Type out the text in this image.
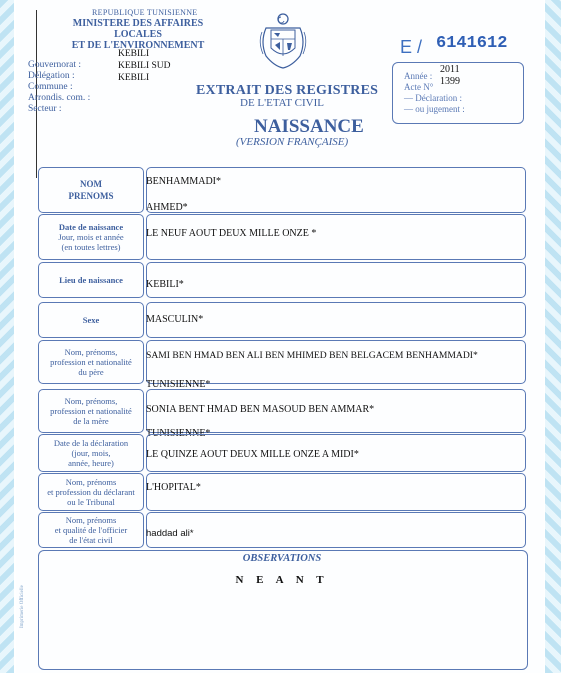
REPUBLIQUE TUNISIENNE
MINISTERE DES AFFAIRES LOCALES
ET DE L'ENVIRONNEMENT
Gouvernorat :
Délégation :
Commune :
Arrondis. com. :
Secteur :
KEBILI
KEBILI SUD
KEBILI
E / 6141612
Année :
Acte N°
— Déclaration :
— ou jugement :
2011
1399
EXTRAIT DES REGISTRES
DE L'ETAT CIVIL
NAISSANCE
(VERSION FRANÇAISE)
NOM
PRENOMS
BENHAMMADI*
AHMED*
Date de naissance
Jour, mois et année
(en toutes lettres)
LE NEUF AOUT DEUX MILLE ONZE *
Lieu de naissance KEBILI*
Sexe	MASCULIN*
Nom, prénoms,
profession et nationalité
du père
SAMI BEN HMAD BEN ALI BEN MHIMED BEN BELGACEM BENHAMMADI*
TUNISIENNE*
Nom, prénoms,
profession et nationalité
de la mère
SONIA BENT HMAD BEN MASOUD BEN AMMAR*
TUNISIENNE*
Date de la déclaration
(jour, mois,
année, heure)
LE QUINZE AOUT DEUX MILLE ONZE A MIDI*
Nom, prénoms
et profession du déclarant
ou le Tribunal
L'HOPITAL*
Nom, prénoms
et qualité de l'officier
de l'état civil
haddad ali*
OBSERVATIONS
N E A N T
Imprimerie Officielle
